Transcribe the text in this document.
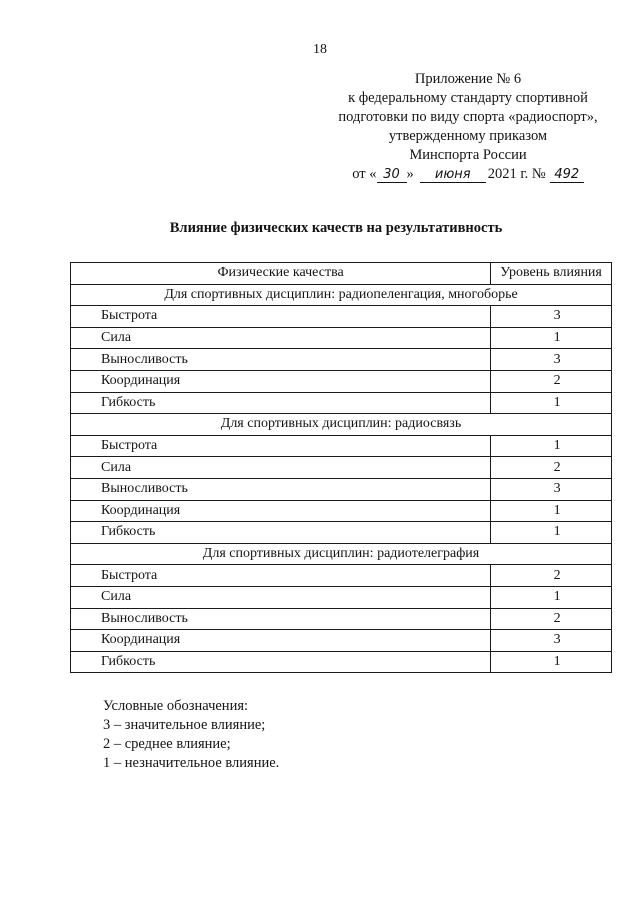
18
Приложение № 6
к федеральному стандарту спортивной
подготовки по виду спорта «радиоспорт»,
утвержденному приказом
Минспорта России
от « 30 » июня 2021 г. № 492
Влияние физических качеств на результативность
Физические качества	Уровень влияния
Для спортивных дисциплин: радиопеленгация, многоборье	
Быстрота	3
Сила	1
Выносливость	3
Координация	2
Гибкость	1
Для спортивных дисциплин: радиосвязь	
Быстрота	1
Сила	2
Выносливость	3
Координация	1
Гибкость	1
Для спортивных дисциплин: радиотелеграфия	
Быстрота	2
Сила	1
Выносливость	2
Координация	3
Гибкость	1
Условные обозначения:
3 – значительное влияние;
2 – среднее влияние;
1 – незначительное влияние.
